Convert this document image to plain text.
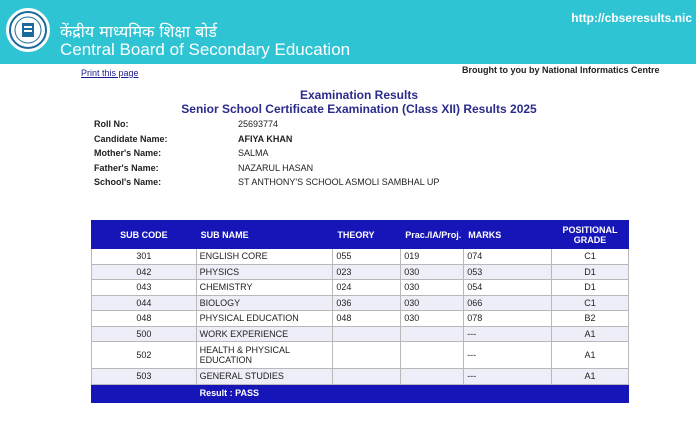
केंद्रीय माध्यमिक शिक्षा बोर्ड
Central Board of Secondary Education
http://cbseresults.nic
Print this page	Brought to you by National Informatics Centre
Examination Results
Senior School Certificate Examination (Class XII) Results 2025
Roll No:	25693774
Candidate Name:	AFIYA KHAN
Mother's Name:	SALMA
Father's Name:	NAZARUL HASAN
School's Name:	ST ANTHONY'S SCHOOL ASMOLI SAMBHAL UP
SUB CODE	SUB NAME	THEORY	Prac./IA/Proj.	MARKS	POSITIONAL GRADE
301	ENGLISH CORE	055	019	074	C1
042	PHYSICS	023	030	053	D1
043	CHEMISTRY	024	030	054	D1
044	BIOLOGY	036	030	066	C1
048	PHYSICAL EDUCATION	048	030	078	B2
500	WORK EXPERIENCE			---	A1
502	HEALTH & PHYSICAL EDUCATION			---	A1
503	GENERAL STUDIES			---	A1
	Result : PASS				
